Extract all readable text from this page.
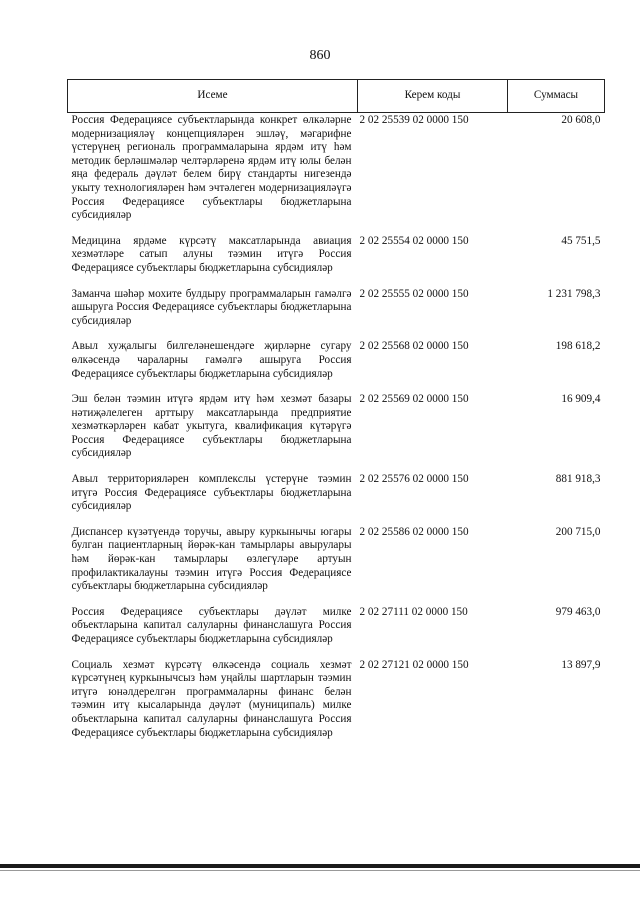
860
Исеме	Керем коды	Суммасы
Россия Федерациясе субъектларында конкрет өлкәләрне модернизацияләү концепцияләрен эшләү, мәгарифне үстерүнең региональ программаларына ярдәм итү һәм методик берләшмәләр челтәрләренә ярдәм итү юлы белән яңа федераль дәүләт белем бирү стандарты нигезендә укыту технологияләрен һәм эчтәлеген модернизацияләүгә Россия Федерациясе субъектлары бюджетларына субсидияләр	2 02 25539 02 0000 150	20 608,0
Медицина ярдәме күрсәтү максатларында авиация хезмәтләре сатып алуны тәэмин итүгә Россия Федерациясе субъектлары бюджетларына субсидияләр	2 02 25554 02 0000 150	45 751,5
Заманча шәһәр мохите булдыру программаларын гамәлгә ашыруга Россия Федерациясе субъектлары бюджетларына субсидияләр	2 02 25555 02 0000 150	1 231 798,3
Авыл хуҗалыгы билгеләнешендәге җирләрне сугару өлкәсендә чараларны гамәлгә ашыруга Россия Федерациясе субъектлары бюджетларына субсидияләр	2 02 25568 02 0000 150	198 618,2
Эш белән тәэмин итүгә ярдәм итү һәм хезмәт базары нәтиҗәлелеген арттыру максатларында предприятие хезмәткәрләрен кабат укытуга, квалификация күтәрүгә Россия Федерациясе субъектлары бюджетларына субсидияләр	2 02 25569 02 0000 150	16 909,4
Авыл территорияләрен комплекслы үстерүне тәэмин итүгә Россия Федерациясе субъектлары бюджетларына субсидияләр	2 02 25576 02 0000 150	881 918,3
Диспансер күзәтүендә торучы, авыру куркынычы югары булган пациентларның йөрәк-кан тамырлары авырулары һәм йөрәк-кан тамырлары өзлегүләре артуын профилактикалауны тәэмин итүгә Россия Федерациясе субъектлары бюджетларына субсидияләр	2 02 25586 02 0000 150	200 715,0
Россия Федерациясе субъектлары дәүләт милке объектларына капитал салуларны финанслашуга Россия Федерациясе субъектлары бюджетларына субсидияләр	2 02 27111 02 0000 150	979 463,0
Социаль хезмәт күрсәтү өлкәсендә социаль хезмәт күрсәтүнең куркынычсыз һәм уңайлы шартларын тәэмин итүгә юнәлдерелгән программаларны финанс белән тәэмин итү кысаларында дәүләт (муниципаль) милке объектларына капитал салуларны финанслашуга Россия Федерациясе субъектлары бюджетларына субсидияләр	2 02 27121 02 0000 150	13 897,9
